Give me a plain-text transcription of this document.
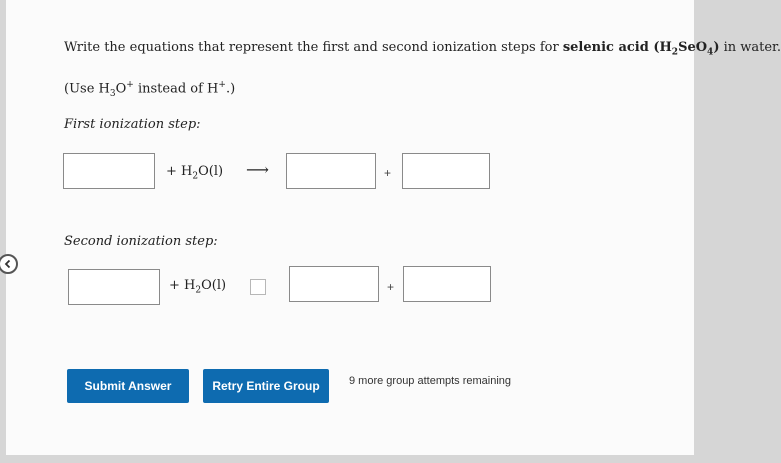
Write the equations that represent the first and second ionization steps for selenic acid $(H_2SeO_4)$ in water.
(Use $H_3O^+$ instead of H+.)
First ionization step:
+ $H_2O(l)$ ⟶	+
Second ionization step:
+ $H_2O(l)$	+
Submit Answer	Retry Entire Group	9 more group attempts remaining
